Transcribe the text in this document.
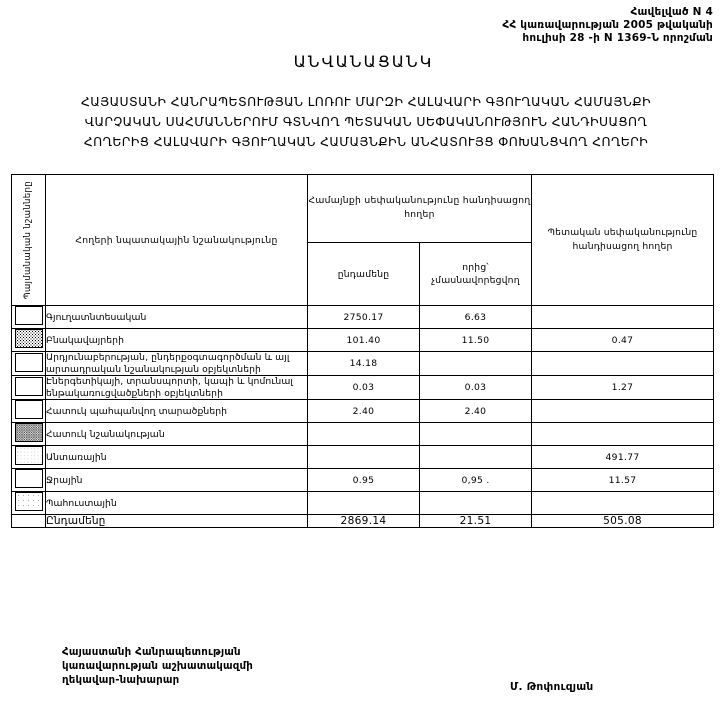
Հավելված N 4
ՀՀ կառավարության 2005 թվականի
հուլիսի 28 -ի N 1369-Ն որոշման
ԱՆՎԱՆԱՑԱՆԿ
ՀԱՅԱՍՏԱՆԻ ՀԱՆՐԱՊԵՏՈՒԹՅԱՆ ԼՈՌՈՒ ՄԱՐԶԻ ՀԱԼԱՎԱՐԻ ԳՅՈՒՂԱԿԱՆ ՀԱՄԱՅՆՔԻ
ՎԱՐՉԱԿԱՆ ՍԱՀՄԱՆՆԵՐՈՒՄ ԳՏՆՎՈՂ ՊԵՏԱԿԱՆ ՍԵՓԱԿԱՆՈՒԹՅՈՒՆ ՀԱՆԴԻՍԱՑՈՂ
ՀՈՂԵՐԻՑ ՀԱԼԱՎԱՐԻ ԳՅՈՒՂԱԿԱՆ ՀԱՄԱՅՆՔԻՆ ԱՆՀԱՏՈՒՅՑ ՓՈԽԱՆՑՎՈՂ ՀՈՂԵՐԻ
Պայմանական նշանները	Հողերի նպատակային նշանակությունը	Համայնքի սեփականությունը հանդիսացող հողեր		Պետական սեփականությունը հանդիսացող հողեր
		ընդամենը	որից՝ չմասնավորեցվող	
	Գյուղատնտեսական	2750.17	6.63	
	Բնակավայրերի	101.40	11.50	0.47
	Արդյունաբերության, ընդերքօգտագործման և այլ արտադրական նշանակության օբյեկտների	14.18		
	Էներգետիկայի, տրանսպորտի, կապի և կոմունալ ենթակառուցվածքների օբյեկտների	0.03	0.03	1.27
	Հատուկ պահպանվող տարածքների	2.40	2.40	
	Հատուկ նշանակության			
	Անտառային			491.77
	Ջրային	0.95	0,95 .	11.57
	Պահուստային			
	Ընդամենը	2869.14	21.51	505.08
Հայաստանի Հանրապետության
կառավարության աշխատակազմի
ղեկավար-նախարար
Մ. Թոփուզյան
